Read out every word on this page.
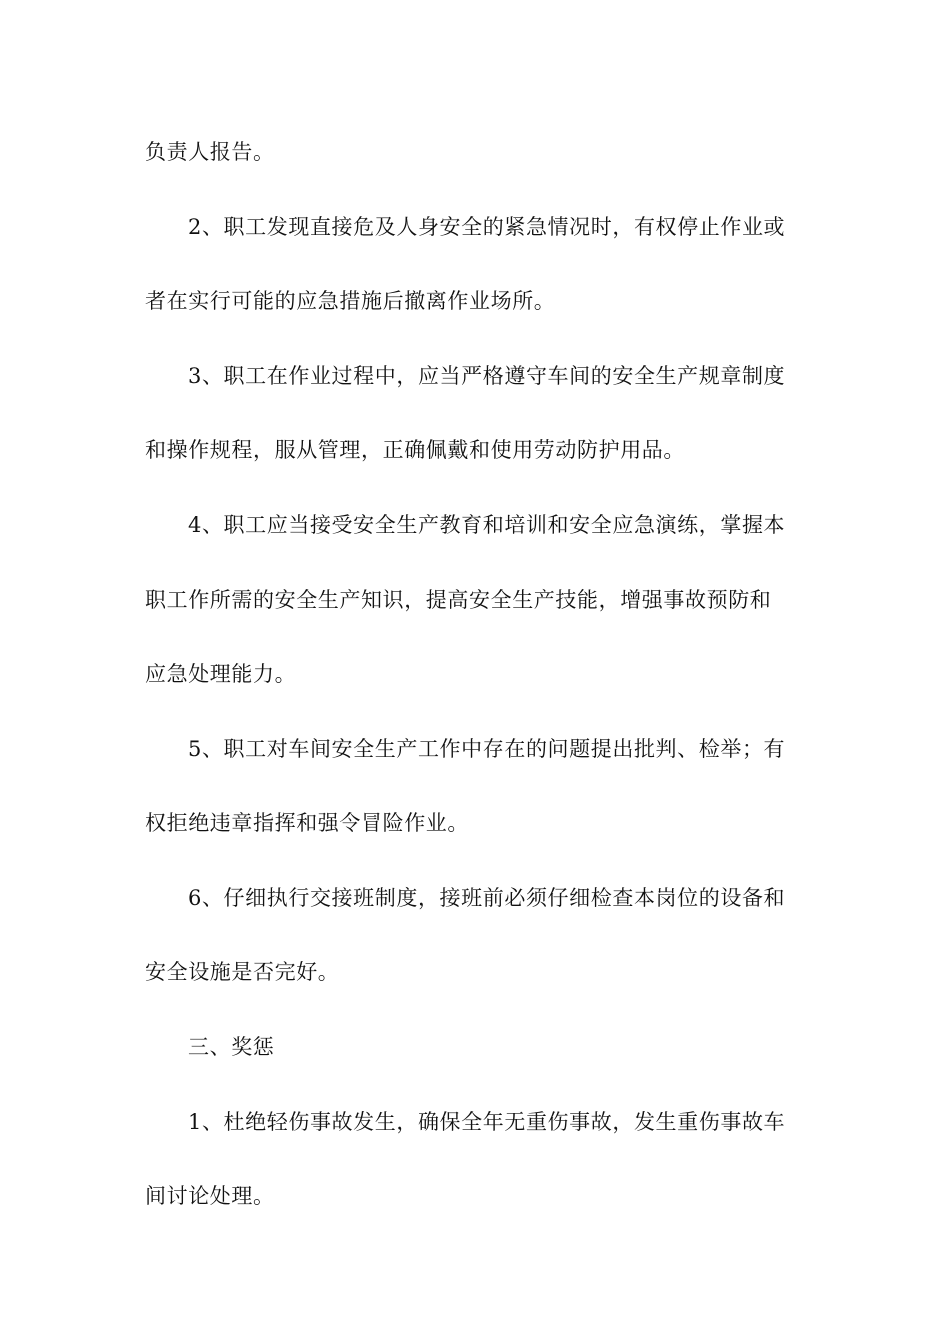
负责人报告。
2、职工发现直接危及人身安全的紧急情况时，有权停止作业或
者在实行可能的应急措施后撤离作业场所。
3、职工在作业过程中，应当严格遵守车间的安全生产规章制度
和操作规程，服从管理，正确佩戴和使用劳动防护用品。
4、职工应当接受安全生产教育和培训和安全应急演练，掌握本
职工作所需的安全生产知识，提高安全生产技能，增强事故预防和
应急处理能力。
5、职工对车间安全生产工作中存在的问题提出批判、检举；有
权拒绝违章指挥和强令冒险作业。
6、仔细执行交接班制度，接班前必须仔细检查本岗位的设备和
安全设施是否完好。
三、奖惩
1、杜绝轻伤事故发生，确保全年无重伤事故，发生重伤事故车
间讨论处理。
